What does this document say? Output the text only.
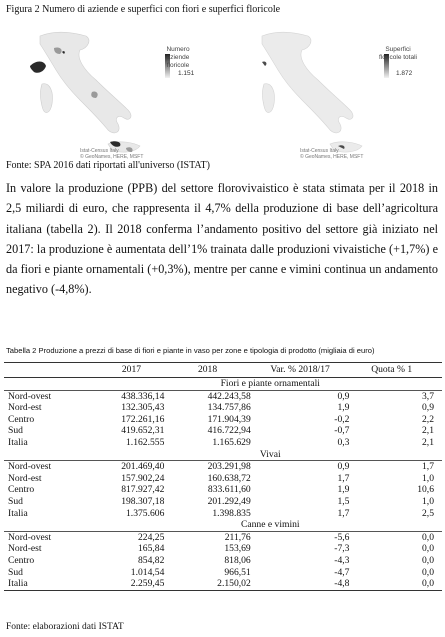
Figura 2 Numero di aziende e superfici con fiori e superfici floricole
Numero
aziende
floricole
1.151
Istat-Census Italy
© GeoNames, HERE, MSFT
Superfici
floricole totali
1.872
Istat-Census Italy
© GeoNames, HERE, MSFT
Fonte: SPA 2016 dati riportati all'universo (ISTAT)
In valore la produzione (PPB) del settore florovivaistico è stata stimata per il 2018 in 2,5 miliardi di euro, che rappresenta il 4,7% della produzione di base dell’agricoltura italiana (tabella 2). Il 2018 conferma l’andamento positivo del settore già iniziato nel 2017: la produzione è aumentata dell’1% trainata dalle produzioni vivaistiche (+1,7%) e da fiori e piante ornamentali (+0,3%), mentre per canne e vimini continua un andamento negativo (-4,8%).
Tabella 2 Produzione a prezzi di base di fiori e piante in vaso per zone e tipologia di prodotto (migliaia di euro)
	2017	2018	Var. % 2018/17	Quota % 1
	Fiori e piante ornamentali			
Nord-ovest	438.336,14	442.243,58	0,9	3,7
Nord-est	132.305,43	134.757,86	1,9	0,9
Centro	172.261,16	171.904,39	-0,2	2,2
Sud	419.652,31	416.722,94	-0,7	2,1
Italia	1.162.555	1.165.629	0,3	2,1
	Vivai			
Nord-ovest	201.469,40	203.291,98	0,9	1,7
Nord-est	157.902,24	160.638,72	1,7	1,0
Centro	817.927,42	833.611,60	1,9	10,6
Sud	198.307,18	201.292,49	1,5	1,0
Italia	1.375.606	1.398.835	1,7	2,5
	Canne e vimini			
Nord-ovest	224,25	211,76	-5,6	0,0
Nord-est	165,84	153,69	-7,3	0,0
Centro	854,82	818,06	-4,3	0,0
Sud	1.014,54	966,51	-4,7	0,0
Italia	2.259,45	2.150,02	-4,8	0,0
Fonte: elaborazioni dati ISTAT
